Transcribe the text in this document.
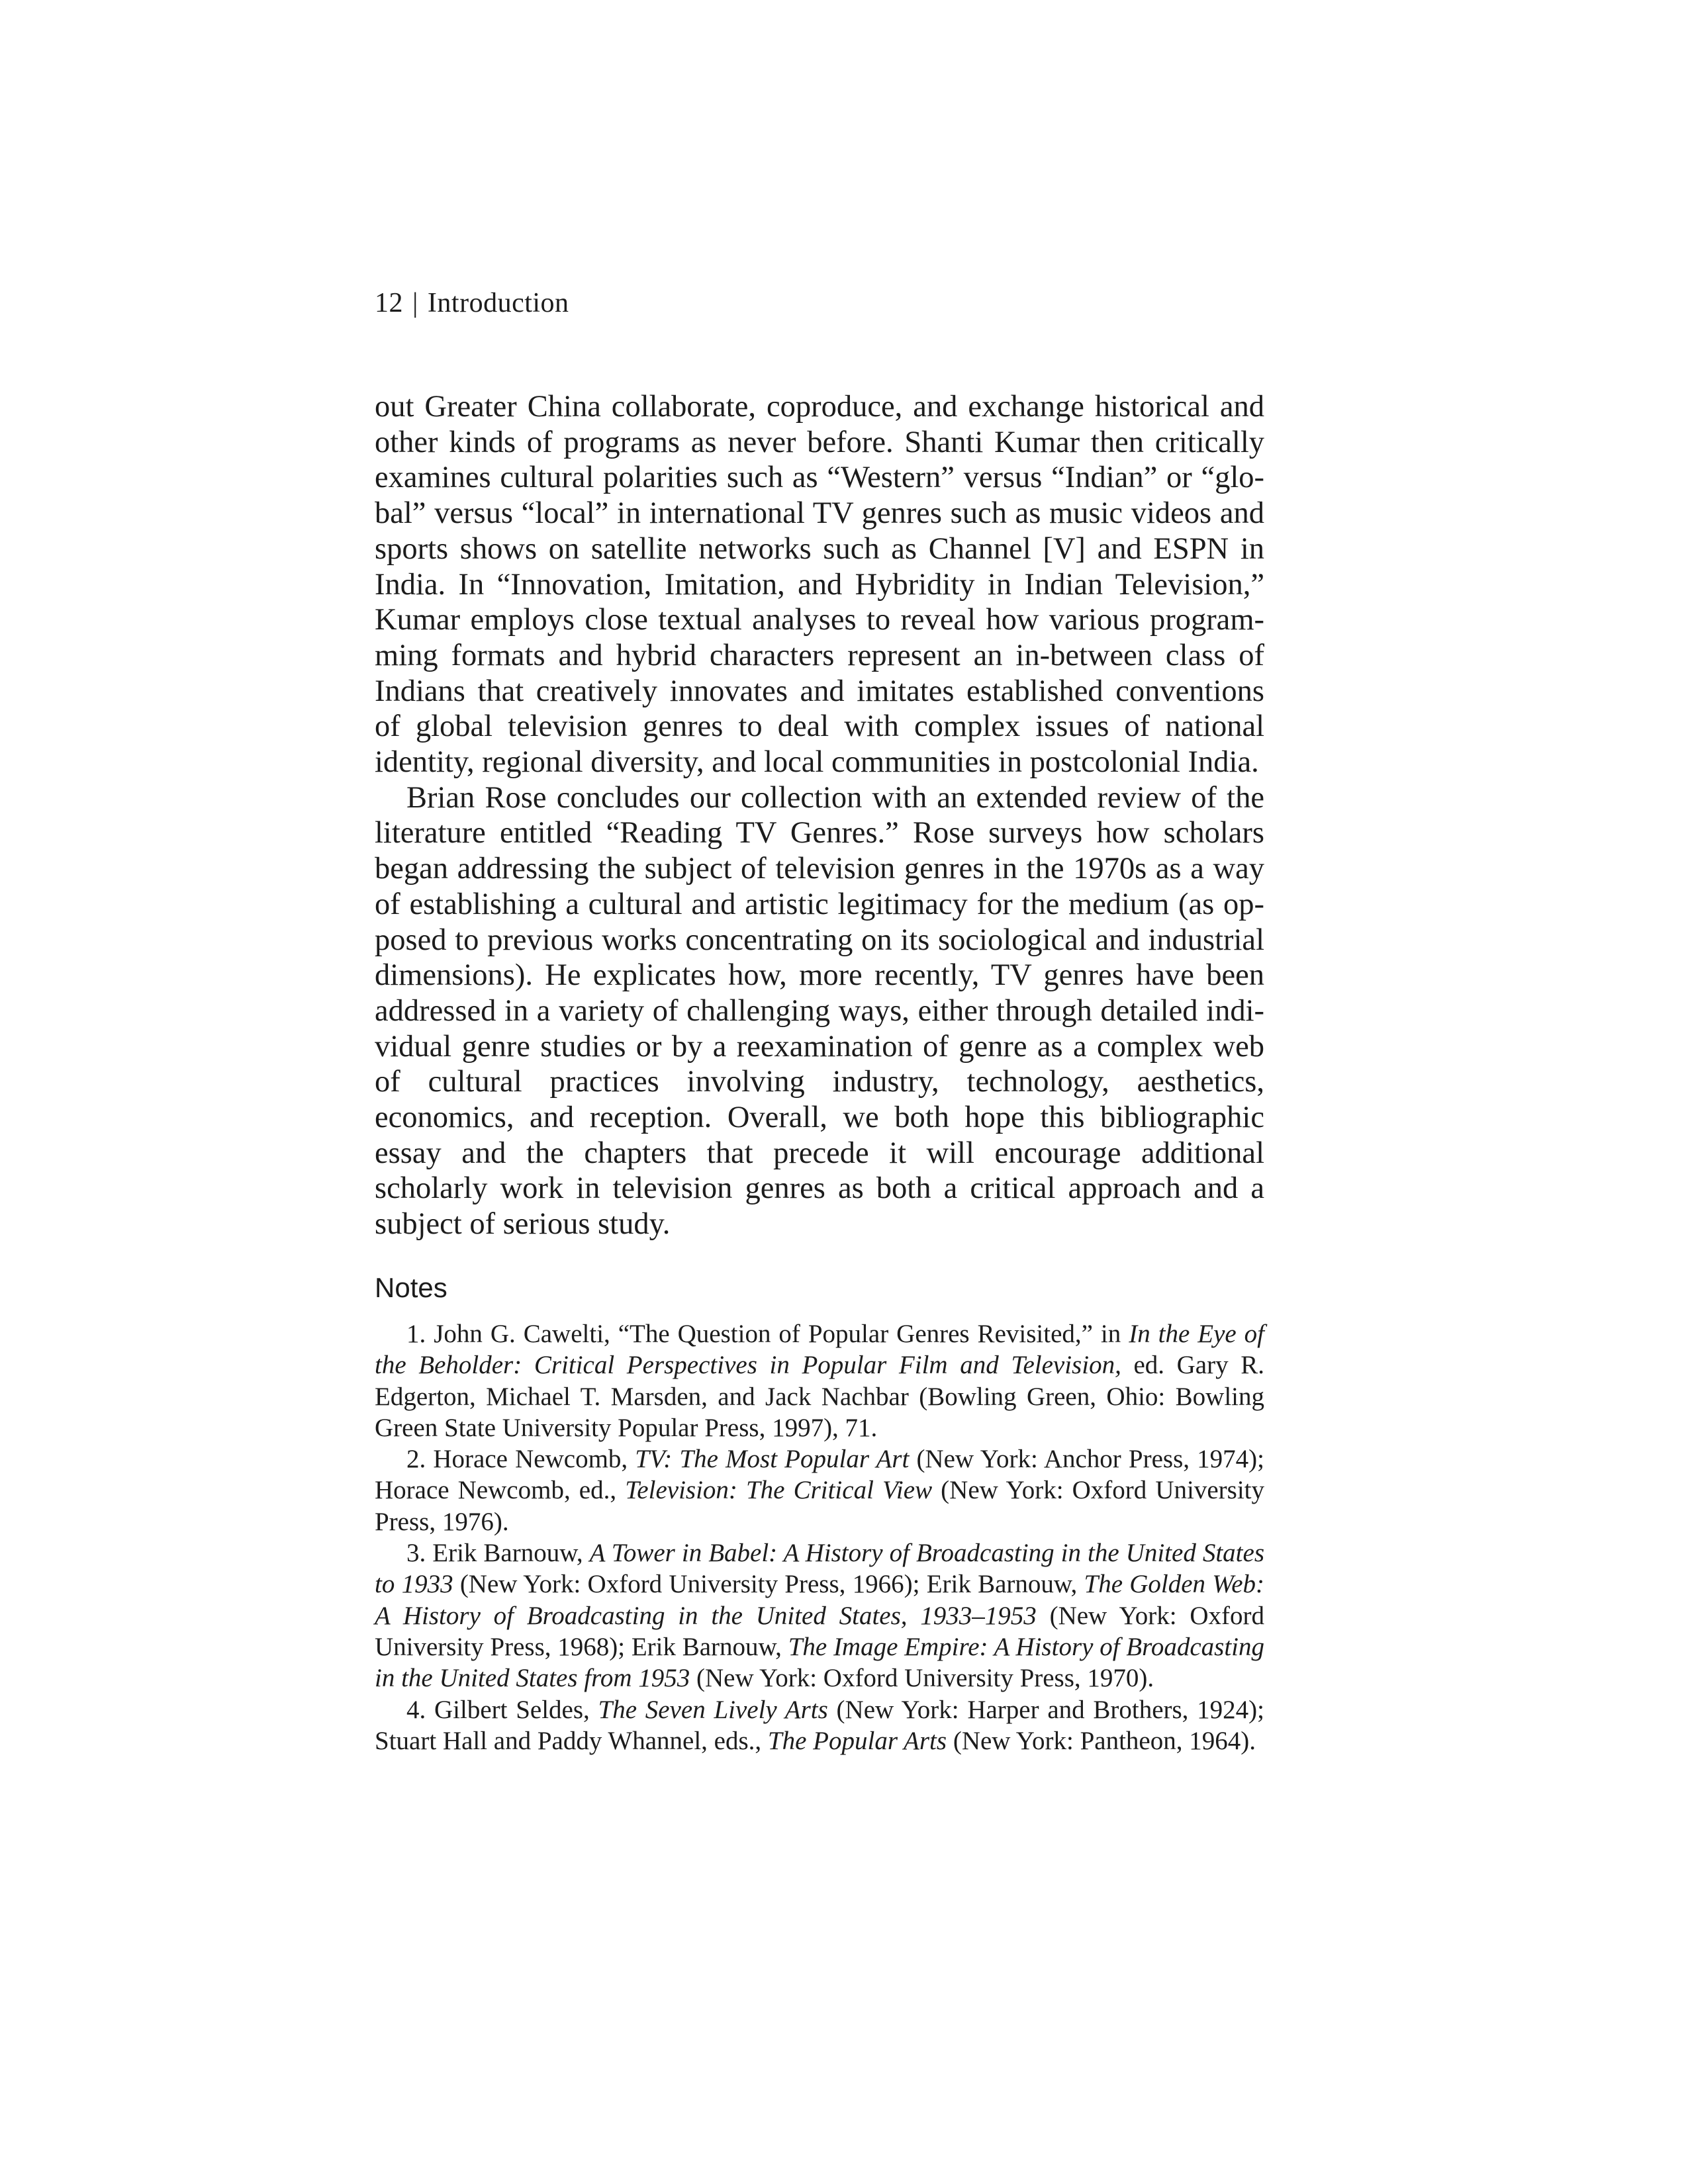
12 | Introduction

out Greater China collaborate, coproduce, and exchange historical and other kinds of programs as never before. Shanti Kumar then critically examines cultural polarities such as “Western” versus “Indian” or “global” versus “local” in international TV genres such as music videos and sports shows on satellite networks such as Channel [V] and ESPN in India. In “Innovation, Imitation, and Hybridity in Indian Television,” Kumar employs close textual analyses to reveal how various programming formats and hybrid characters represent an in-between class of Indians that creatively innovates and imitates established conventions of global television genres to deal with complex issues of national identity, regional diversity, and local communities in postcolonial India.

Brian Rose concludes our collection with an extended review of the literature entitled “Reading TV Genres.” Rose surveys how scholars began addressing the subject of television genres in the 1970s as a way of establishing a cultural and artistic legitimacy for the medium (as opposed to previous works concentrating on its sociological and industrial dimensions). He explicates how, more recently, TV genres have been addressed in a variety of challenging ways, either through detailed individual genre studies or by a reexamination of genre as a complex web of cultural practices involving industry, technology, aesthetics, economics, and reception. Overall, we both hope this bibliographic essay and the chapters that precede it will encourage additional scholarly work in television genres as both a critical approach and a subject of serious study.

Notes

1. John G. Cawelti, “The Question of Popular Genres Revisited,” in In the Eye of the Beholder: Critical Perspectives in Popular Film and Television, ed. Gary R. Edgerton, Michael T. Marsden, and Jack Nachbar (Bowling Green, Ohio: Bowling Green State University Popular Press, 1997), 71.

2. Horace Newcomb, TV: The Most Popular Art (New York: Anchor Press, 1974); Horace Newcomb, ed., Television: The Critical View (New York: Oxford University Press, 1976).

3. Erik Barnouw, A Tower in Babel: A History of Broadcasting in the United States to 1933 (New York: Oxford University Press, 1966); Erik Barnouw, The Golden Web: A History of Broadcasting in the United States, 1933–1953 (New York: Oxford University Press, 1968); Erik Barnouw, The Image Empire: A History of Broadcasting in the United States from 1953 (New York: Oxford University Press, 1970).

4. Gilbert Seldes, The Seven Lively Arts (New York: Harper and Brothers, 1924); Stuart Hall and Paddy Whannel, eds., The Popular Arts (New York: Pantheon, 1964).
